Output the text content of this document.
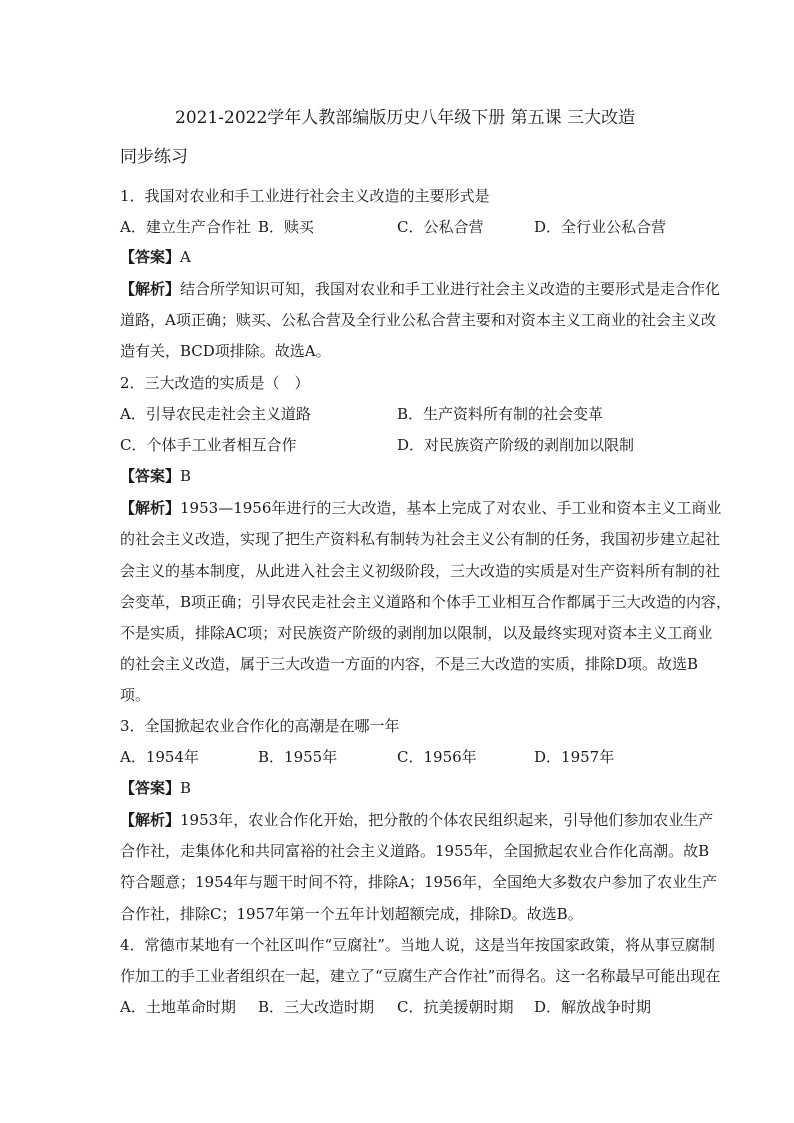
2021-2022学年人教部编版历史八年级下册 第五课 三大改造
同步练习
1．我国对农业和手工业进行社会主义改造的主要形式是
A．建立生产合作社 B．赎买	C．公私合营	D．全行业公私合营
【答案】A
【解析】结合所学知识可知，我国对农业和手工业进行社会主义改造的主要形式是走合作化
道路，A项正确；赎买、公私合营及全行业公私合营主要和对资本主义工商业的社会主义改
造有关，BCD项排除。故选A。
2．三大改造的实质是（　）
A．引导农民走社会主义道路	B．生产资料所有制的社会变革
C．个体手工业者相互合作	D．对民族资产阶级的剥削加以限制
【答案】B
【解析】1953—1956年进行的三大改造，基本上完成了对农业、手工业和资本主义工商业
的社会主义改造，实现了把生产资料私有制转为社会主义公有制的任务，我国初步建立起社
会主义的基本制度，从此进入社会主义初级阶段，三大改造的实质是对生产资料所有制的社
会变革，B项正确；引导农民走社会主义道路和个体手工业相互合作都属于三大改造的内容，
不是实质，排除AC项；对民族资产阶级的剥削加以限制，以及最终实现对资本主义工商业
的社会主义改造，属于三大改造一方面的内容，不是三大改造的实质，排除D项。故选B
项。
3．全国掀起农业合作化的高潮是在哪一年
A．1954年	B．1955年	C．1956年	D．1957年
【答案】B
【解析】1953年，农业合作化开始，把分散的个体农民组织起来，引导他们参加农业生产
合作社，走集体化和共同富裕的社会主义道路。1955年，全国掀起农业合作化高潮。故B
符合题意；1954年与题干时间不符，排除A；1956年，全国绝大多数农户参加了农业生产
合作社，排除C；1957年第一个五年计划超额完成，排除D。故选B。
4．常德市某地有一个社区叫作“豆腐社”。当地人说，这是当年按国家政策，将从事豆腐制
作加工的手工业者组织在一起，建立了“豆腐生产合作社”而得名。这一名称最早可能出现在
A．土地革命时期 B．三大改造时期 C．抗美援朝时期 D．解放战争时期
